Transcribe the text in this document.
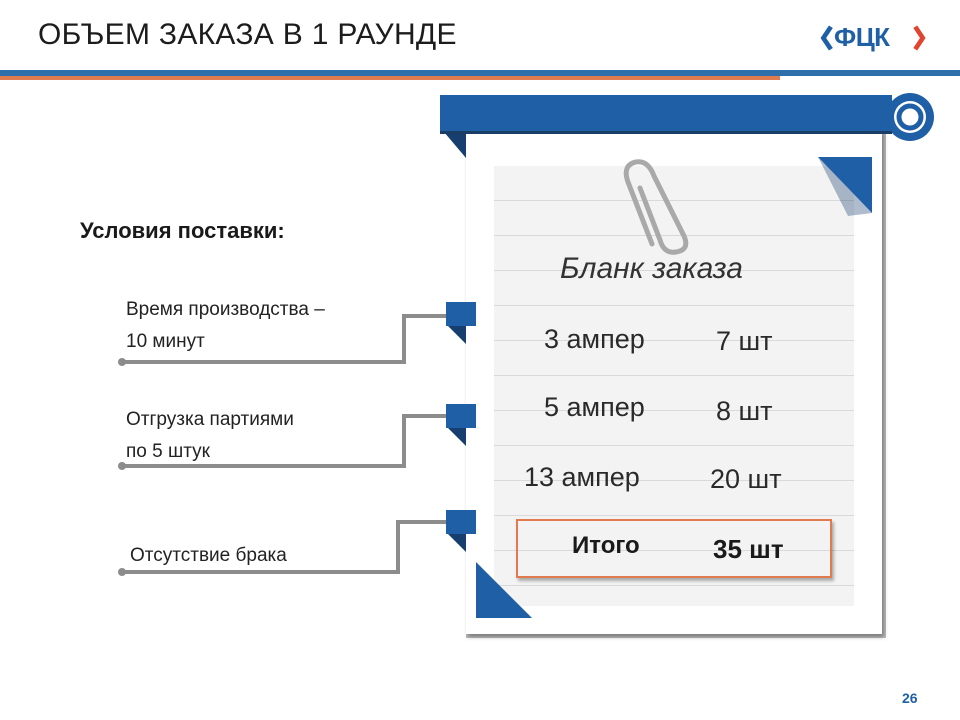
ОБЪЕМ ЗАКАЗА В 1 РАУНДЕ	ФЦК
Условия поставки:
Время производства –
10 минут
Отгрузка партиями
по 5 штук
Отсутствие брака
Бланк заказа
3 ампер	7 шт
5 ампер	8 шт
13 ампер	20 шт
Итого	35 шт
26
